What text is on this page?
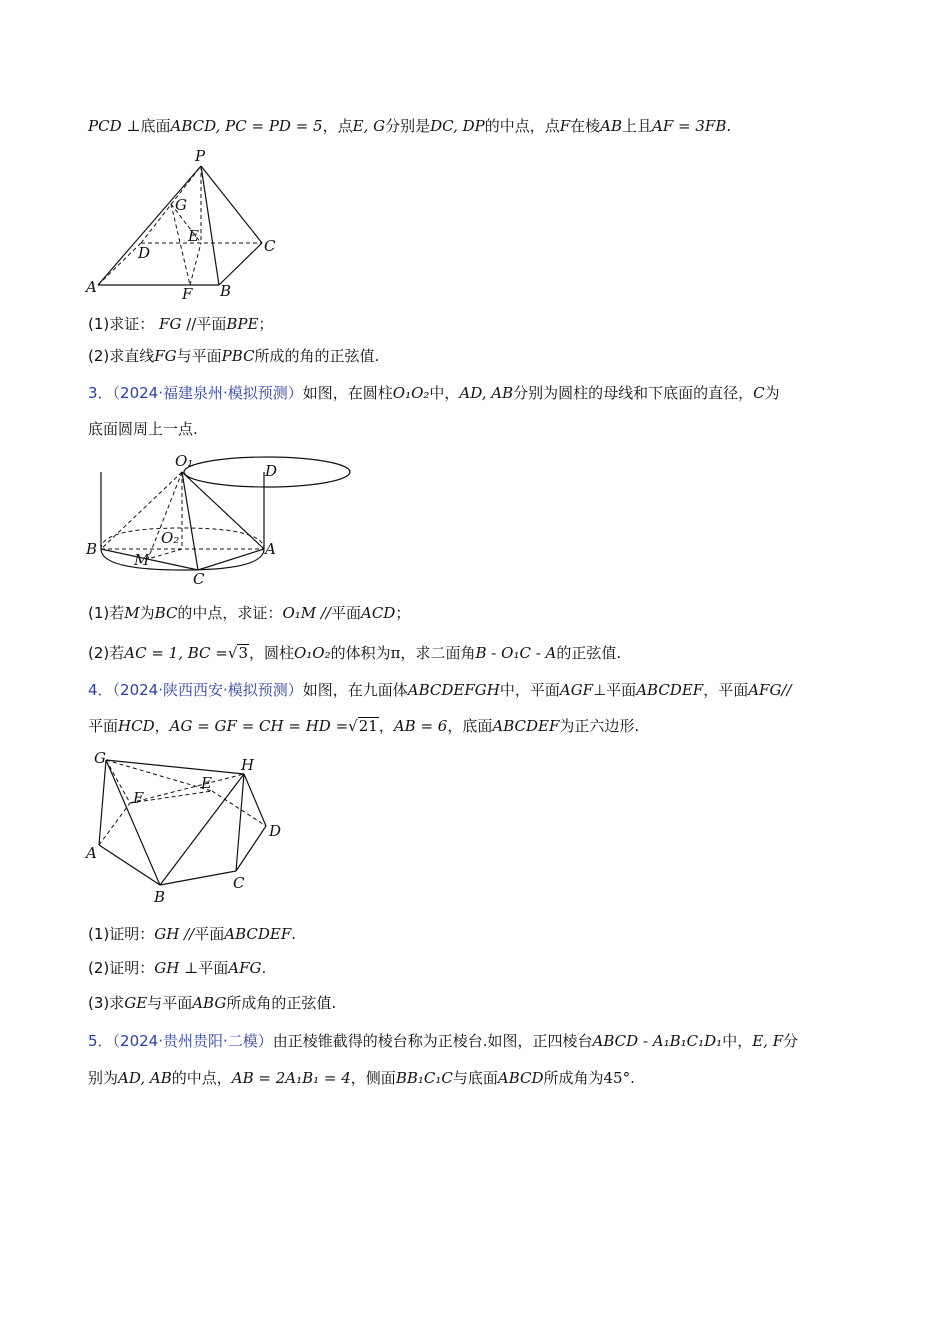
PCD ⊥底面ABCD, PC = PD = 5，点E, G分别是DC, DP的中点，点F在棱AB上且AF = 3FB.
P
G
E
D	C
A	F B
(1)求证： FG //平面BPE；
(2)求直线FG与平面PBC所成的角的正弦值.
3．（2024·福建泉州·模拟预测）如图，在圆柱O₁O₂中，AD, AB分别为圆柱的母线和下底面的直径，C为
底面圆周上一点.
O₁
D
O₂
B
M
A
C
(1)若M为BC的中点，求证：O₁M //平面ACD；
(2)若AC = 1, BC =√3，圆柱O₁O₂的体积为π，求二面角B - O₁C - A的正弦值.
4．（2024·陕西西安·模拟预测）如图，在九面体ABCDEFGH中，平面AGF⊥平面ABCDEF，平面AFG//
平面HCD，AG = GF = CH = HD =√21，AB = 6，底面ABCDEF为正六边形.
G	H
E
F
D
A
C
B
(1)证明：GH //平面ABCDEF.
(2)证明：GH ⊥平面AFG.
(3)求GE与平面ABG所成角的正弦值.
5．（2024·贵州贵阳·二模）由正棱锥截得的棱台称为正棱台.如图，正四棱台ABCD - A₁B₁C₁D₁中，E, F分
别为AD, AB的中点，AB = 2A₁B₁ = 4，侧面BB₁C₁C与底面ABCD所成角为45°.
